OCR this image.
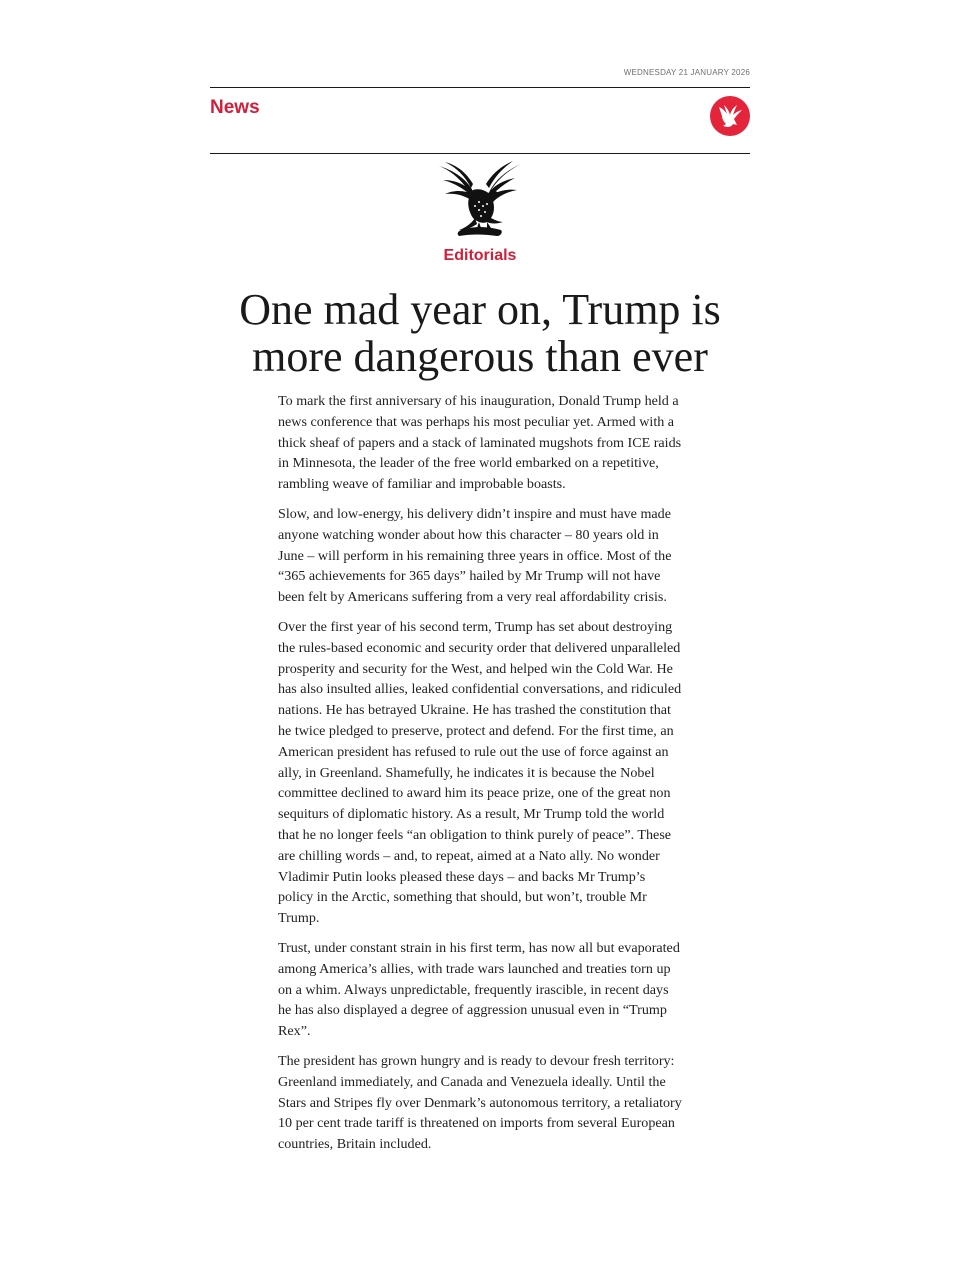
WEDNESDAY 21 JANUARY 2026
News
Editorials
One mad year on, Trump is
more dangerous than ever

To mark the first anniversary of his inauguration, Donald Trump held a news conference that was perhaps his most peculiar yet. Armed with a thick sheaf of papers and a stack of laminated mugshots from ICE raids in Minnesota, the leader of the free world embarked on a repetitive, rambling weave of familiar and improbable boasts.

Slow, and low-energy, his delivery didn’t inspire and must have made anyone watching wonder about how this character – 80 years old in June – will perform in his remaining three years in office. Most of the “365 achievements for 365 days” hailed by Mr Trump will not have been felt by Americans suffering from a very real affordability crisis.

Over the first year of his second term, Trump has set about destroying the rules-based economic and security order that delivered unparalleled prosperity and security for the West, and helped win the Cold War. He has also insulted allies, leaked confidential conversations, and ridiculed nations. He has betrayed Ukraine. He has trashed the constitution that he twice pledged to preserve, protect and defend. For the first time, an American president has refused to rule out the use of force against an ally, in Greenland. Shamefully, he indicates it is because the Nobel committee declined to award him its peace prize, one of the great non sequiturs of diplomatic history. As a result, Mr Trump told the world that he no longer feels “an obligation to think purely of peace”. These are chilling words – and, to repeat, aimed at a Nato ally. No wonder Vladimir Putin looks pleased these days – and backs Mr Trump’s policy in the Arctic, something that should, but won’t, trouble Mr Trump.

Trust, under constant strain in his first term, has now all but evaporated among America’s allies, with trade wars launched and treaties torn up on a whim. Always unpredictable, frequently irascible, in recent days he has also displayed a degree of aggression unusual even in “Trump Rex”.

The president has grown hungry and is ready to devour fresh territory: Greenland immediately, and Canada and Venezuela ideally. Until the Stars and Stripes fly over Denmark’s autonomous territory, a retaliatory 10 per cent trade tariff is threatened on imports from several European countries, Britain included.
